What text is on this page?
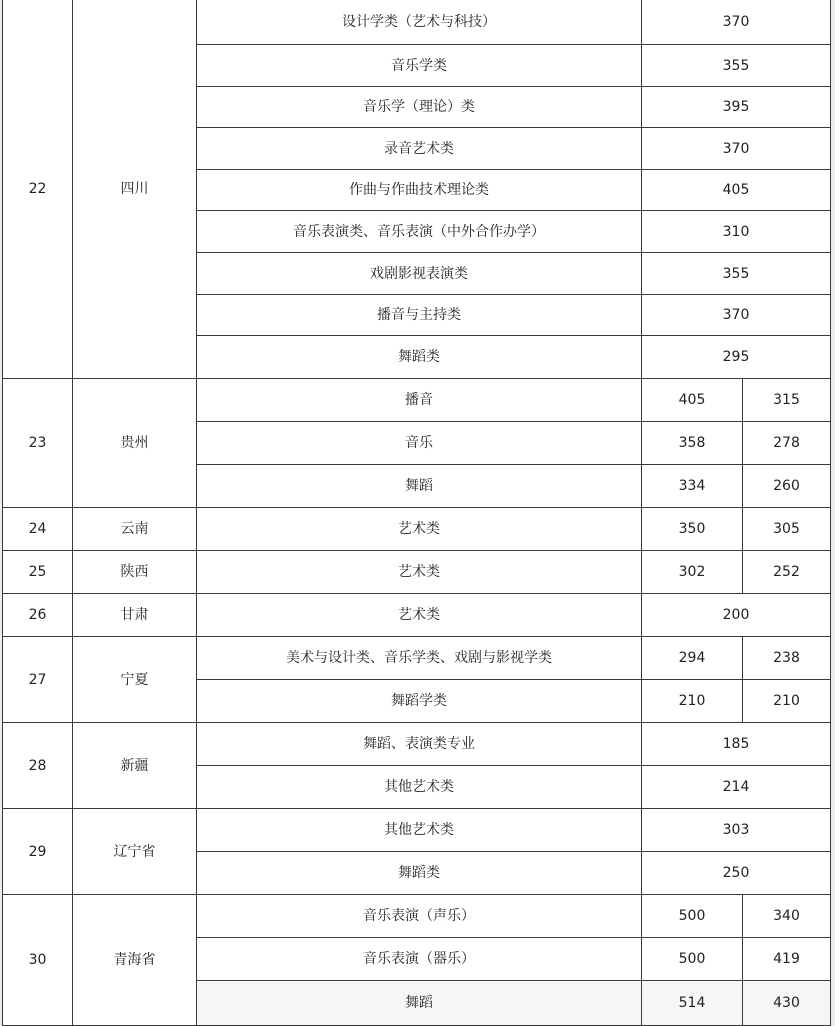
22	四川	设计学类（艺术与科技）	370	
		音乐学类	355	
		音乐学（理论）类	395	
		录音艺术类	370	
		作曲与作曲技术理论类	405	
		音乐表演类、音乐表演（中外合作办学）	310	
		戏剧影视表演类	355	
		播音与主持类	370	
		舞蹈类	295	
23	贵州	播音	405	315
		音乐	358	278
		舞蹈	334	260
24	云南	艺术类	350	305
25	陕西	艺术类	302	252
26	甘肃	艺术类	200	
27	宁夏	美术与设计类、音乐学类、戏剧与影视学类	294	238
		舞蹈学类	210	210
28	新疆	舞蹈、表演类专业	185	
		其他艺术类	214	
29	辽宁省	其他艺术类	303	
		舞蹈类	250	
30	青海省	音乐表演（声乐）	500	340
		音乐表演（器乐）	500	419
		舞蹈	514	430
